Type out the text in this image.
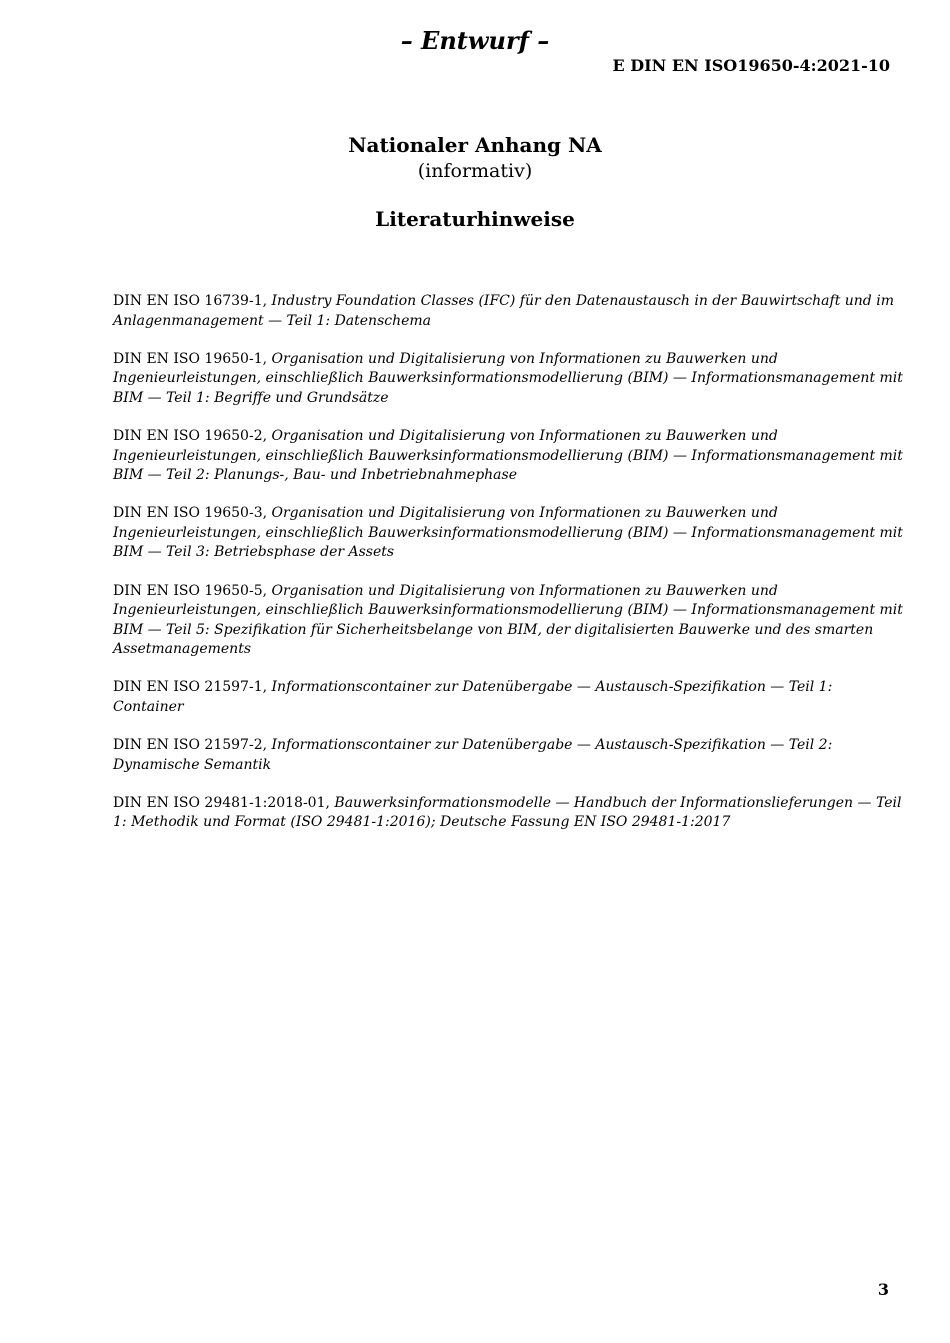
– Entwurf –
E DIN EN ISO19650-4:2021-10
Nationaler Anhang NA
(informativ)
Literaturhinweise

DIN EN ISO 16739-1, Industry Foundation Classes (IFC) für den Datenaustausch in der Bauwirtschaft und im Anlagenmanagement — Teil 1: Datenschema

DIN EN ISO 19650-1, Organisation und Digitalisierung von Informationen zu Bauwerken und Ingenieurleistungen, einschließlich Bauwerksinformationsmodellierung (BIM) — Informationsmanagement mit BIM — Teil 1: Begriffe und Grundsätze

DIN EN ISO 19650-2, Organisation und Digitalisierung von Informationen zu Bauwerken und Ingenieurleistungen, einschließlich Bauwerksinformationsmodellierung (BIM) — Informationsmanagement mit BIM — Teil 2: Planungs-, Bau- und Inbetriebnahmephase

DIN EN ISO 19650-3, Organisation und Digitalisierung von Informationen zu Bauwerken und Ingenieurleistungen, einschließlich Bauwerksinformationsmodellierung (BIM) — Informationsmanagement mit BIM — Teil 3: Betriebsphase der Assets

DIN EN ISO 19650-5, Organisation und Digitalisierung von Informationen zu Bauwerken und Ingenieurleistungen, einschließlich Bauwerksinformationsmodellierung (BIM) — Informationsmanagement mit BIM — Teil 5: Spezifikation für Sicherheitsbelange von BIM, der digitalisierten Bauwerke und des smarten Assetmanagements

DIN EN ISO 21597-1, Informationscontainer zur Datenübergabe — Austausch-Spezifikation — Teil 1: Container

DIN EN ISO 21597-2, Informationscontainer zur Datenübergabe — Austausch-Spezifikation — Teil 2: Dynamische Semantik

DIN EN ISO 29481-1:2018-01, Bauwerksinformationsmodelle — Handbuch der Informationslieferungen — Teil 1: Methodik und Format (ISO 29481-1:2016); Deutsche Fassung EN ISO 29481-1:2017

3
